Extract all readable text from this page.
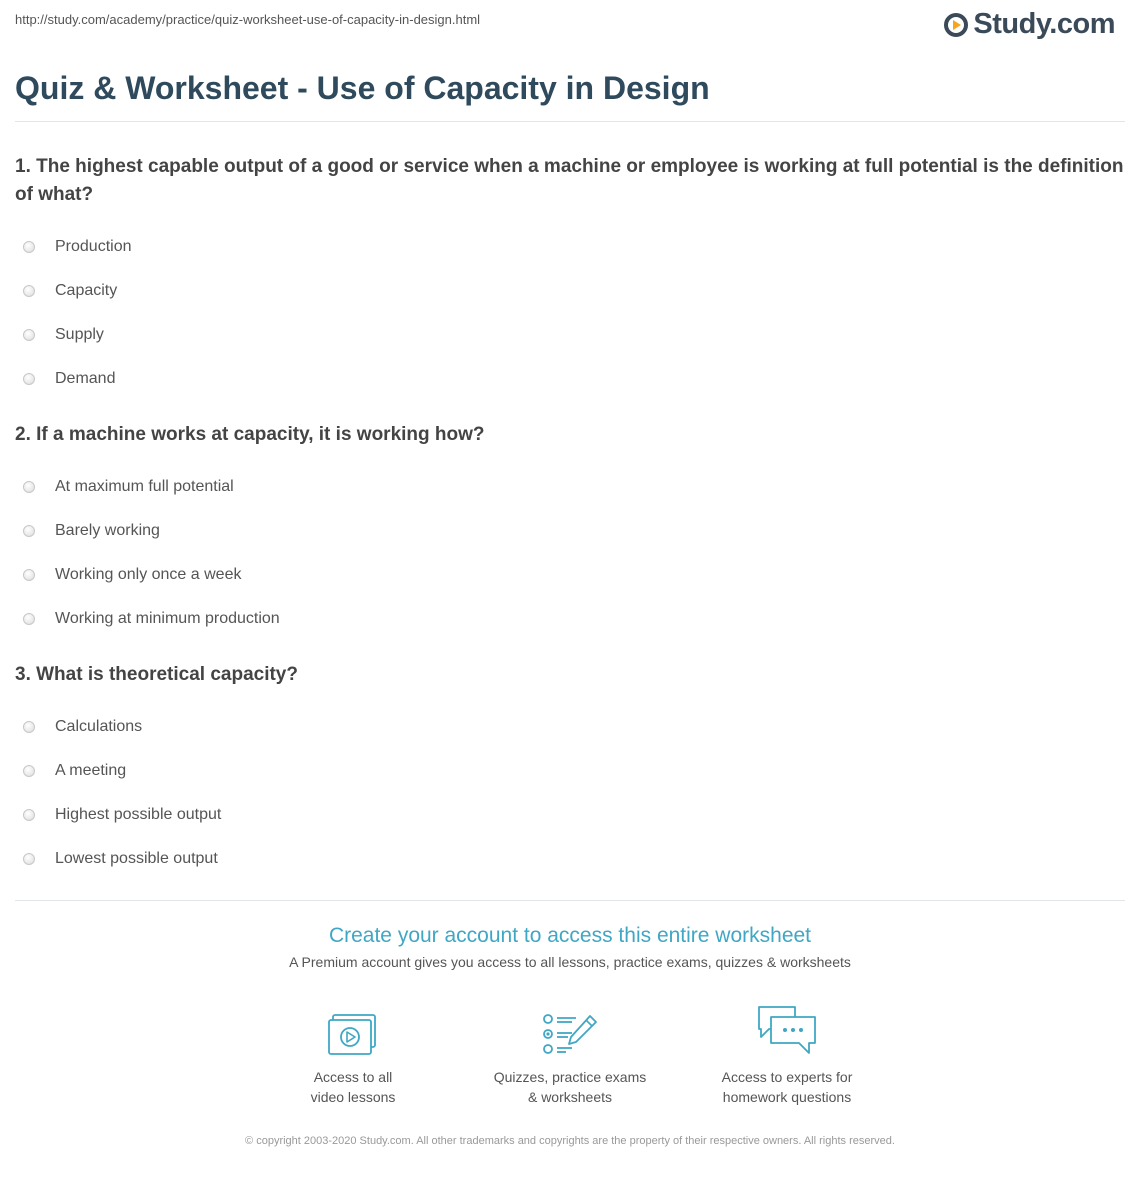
http://study.com/academy/practice/quiz-worksheet-use-of-capacity-in-design.html	Study.com
Quiz & Worksheet - Use of Capacity in Design

1. The highest capable output of a good or service when a machine or employee is working at full potential is the definition of what?

Production
Capacity
Supply
Demand

2. If a machine works at capacity, it is working how?

At maximum full potential
Barely working
Working only once a week
Working at minimum production

3. What is theoretical capacity?

Calculations
A meeting
Highest possible output
Lowest possible output

Create your account to access this entire worksheet

A Premium account gives you access to all lessons, practice exams, quizzes & worksheets
Access to all
video lessons
Quizzes, practice exams
& worksheets
Access to experts for
homework questions
© copyright 2003-2020 Study.com. All other trademarks and copyrights are the property of their respective owners. All rights reserved.
